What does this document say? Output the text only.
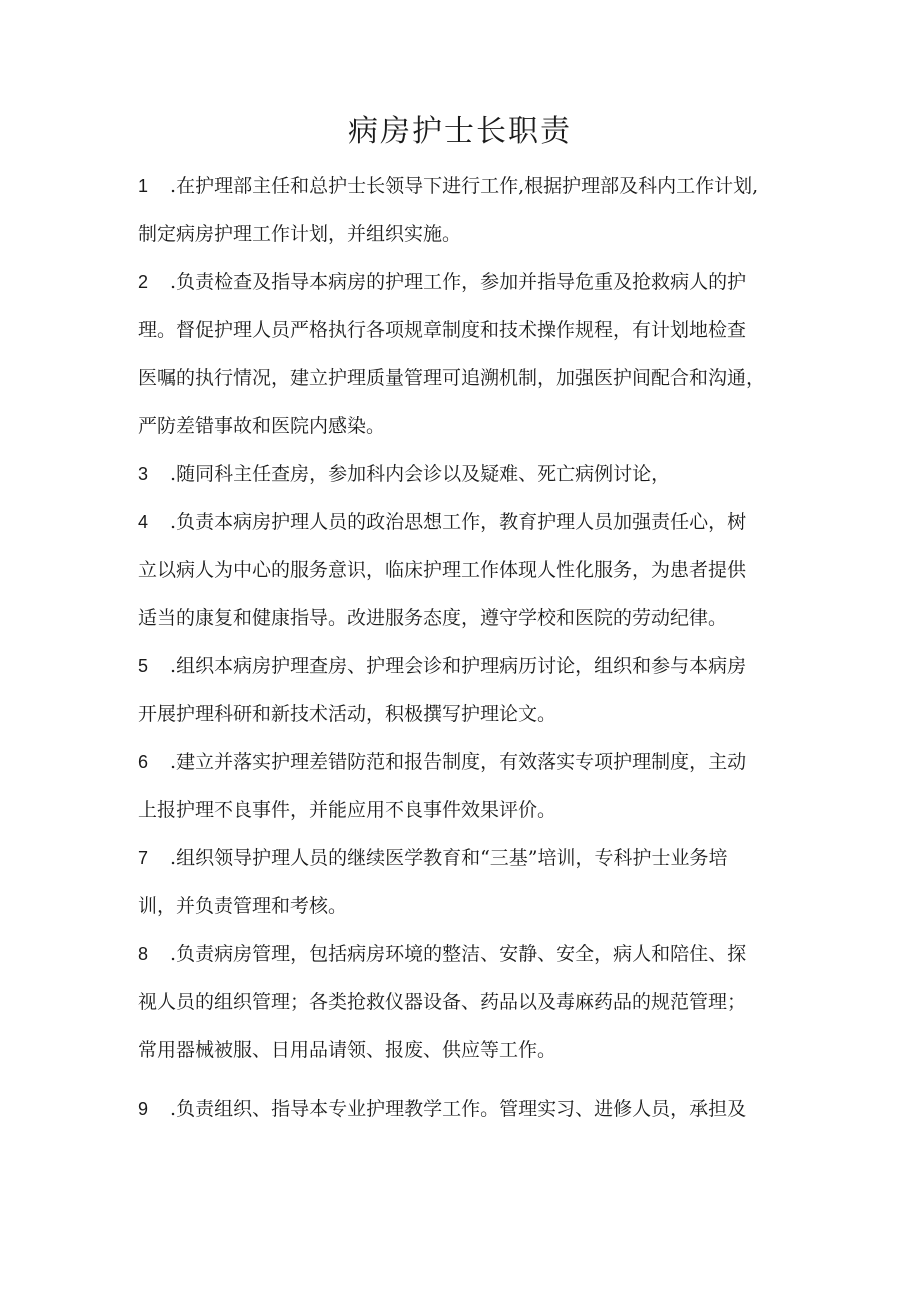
病房护士长职责
1 .在护理部主任和总护士长领导下进行工作,根据护理部及科内工作计划,
制定病房护理工作计划，并组织实施。
2 .负责检查及指导本病房的护理工作，参加并指导危重及抢救病人的护
理。督促护理人员严格执行各项规章制度和技术操作规程，有计划地检查
医嘱的执行情况，建立护理质量管理可追溯机制，加强医护间配合和沟通，
严防差错事故和医院内感染。
3 .随同科主任查房，参加科内会诊以及疑难、死亡病例讨论，
4 .负责本病房护理人员的政治思想工作，教育护理人员加强责任心，树
立以病人为中心的服务意识，临床护理工作体现人性化服务，为患者提供
适当的康复和健康指导。改进服务态度，遵守学校和医院的劳动纪律。
5 .组织本病房护理查房、护理会诊和护理病历讨论，组织和参与本病房
开展护理科研和新技术活动，积极撰写护理论文。
6 .建立并落实护理差错防范和报告制度，有效落实专项护理制度，主动
上报护理不良事件，并能应用不良事件效果评价。
7 .组织领导护理人员的继续医学教育和“三基”培训，专科护士业务培
训，并负责管理和考核。
8 .负责病房管理，包括病房环境的整洁、安静、安全，病人和陪住、探
视人员的组织管理；各类抢救仪器设备、药品以及毒麻药品的规范管理；
常用器械被服、日用品请领、报废、供应等工作。
9 .负责组织、指导本专业护理教学工作。管理实习、进修人员，承担及
